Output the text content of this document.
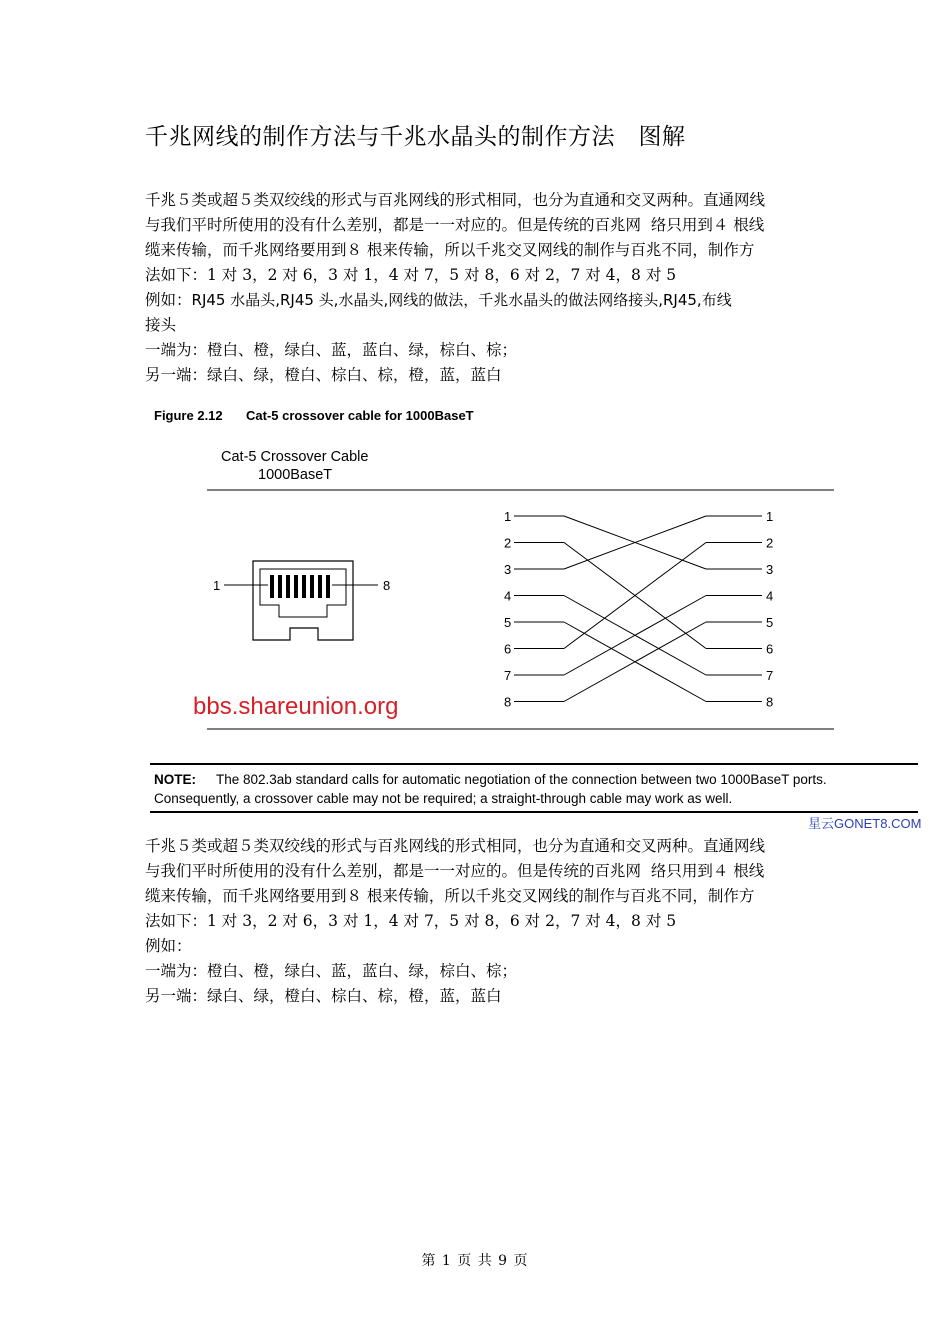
千兆网线的制作方法与千兆水晶头的制作方法　图解

千兆５类或超５类双绞线的形式与百兆网线的形式相同，也分为直通和交叉两种。直通网线

与我们平时所使用的没有什么差别，都是一一对应的。但是传统的百兆网  络只用到４ 根线

缆来传输，而千兆网络要用到８ 根来传输，所以千兆交叉网线的制作与百兆不同，制作方

法如下：1 对 3，2 对 6，3 对 1，4 对 7，5 对 8，6 对 2，7 对 4，8 对 5

例如：RJ45 水晶头,RJ45 头,水晶头,网线的做法，千兆水晶头的做法网络接头,RJ45,布线

接头

一端为：橙白、橙，绿白、蓝，蓝白、绿，棕白、棕；

另一端：绿白、绿，橙白、棕白、棕，橙，蓝，蓝白

Figure 2.12 Cat-5 crossover cable for 1000BaseT
Cat-5 Crossover Cable
1000BaseT
1	8
bbs.shareunion.org
1
2
3
4
5
6
7
8
1
2
3
4
5
6
7
8
NOTE: The 802.3ab standard calls for automatic negotiation of the connection between two 1000BaseT ports.
Consequently, a crossover cable may not be required; a straight-through cable may work as well.
星云GONET8.COM

千兆５类或超５类双绞线的形式与百兆网线的形式相同，也分为直通和交叉两种。直通网线

与我们平时所使用的没有什么差别，都是一一对应的。但是传统的百兆网  络只用到４ 根线

缆来传输，而千兆网络要用到８ 根来传输，所以千兆交叉网线的制作与百兆不同，制作方

法如下：1 对 3，2 对 6，3 对 1，4 对 7，5 对 8，6 对 2，7 对 4，8 对 5

例如：

一端为：橙白、橙，绿白、蓝，蓝白、绿，棕白、棕；

另一端：绿白、绿，橙白、棕白、棕，橙，蓝，蓝白

第 1 页 共 9 页
